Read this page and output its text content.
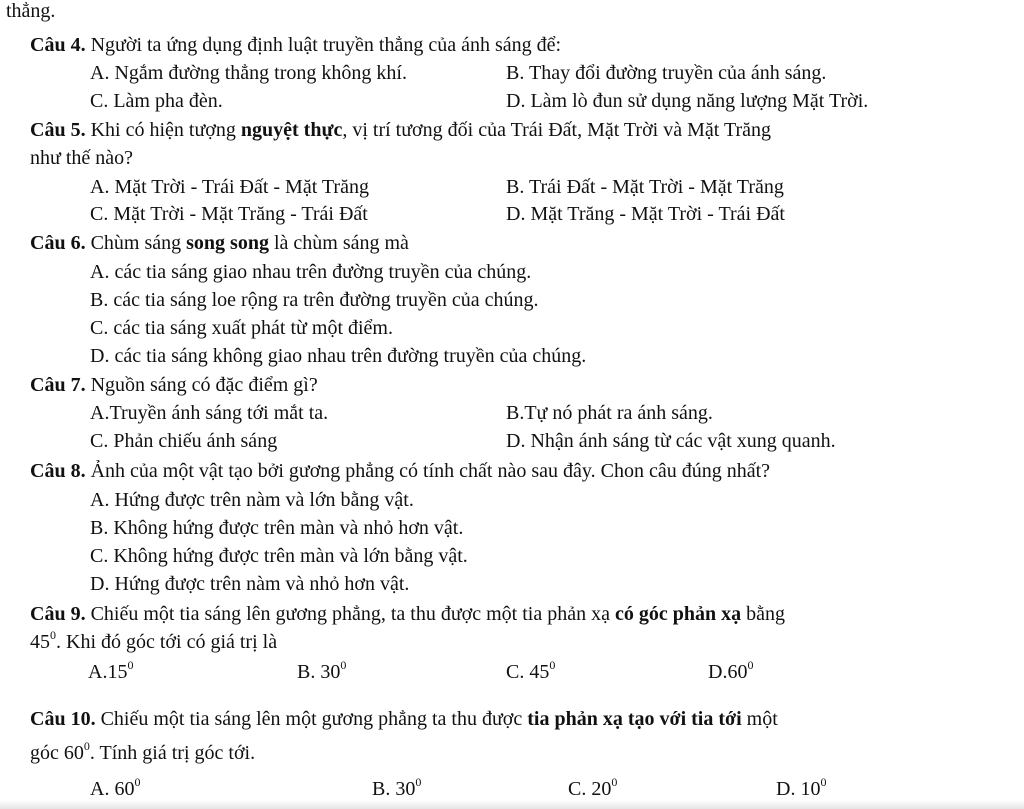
thẳng.
Câu 4. Người ta ứng dụng định luật truyền thẳng của ánh sáng để:
A. Ngắm đường thẳng trong không khí.	B. Thay đổi đường truyền của ánh sáng.
C. Làm pha đèn.	D. Làm lò đun sử dụng năng lượng Mặt Trời.
Câu 5. Khi có hiện tượng nguyệt thực, vị trí tương đối của Trái Đất, Mặt Trời và Mặt Trăng
như thế nào?
A. Mặt Trời - Trái Đất - Mặt Trăng	B. Trái Đất - Mặt Trời - Mặt Trăng
C. Mặt Trời - Mặt Trăng - Trái Đất	D. Mặt Trăng - Mặt Trời - Trái Đất
Câu 6. Chùm sáng song song là chùm sáng mà
A. các tia sáng giao nhau trên đường truyền của chúng.
B. các tia sáng loe rộng ra trên đường truyền của chúng.
C. các tia sáng xuất phát từ một điểm.
D. các tia sáng không giao nhau trên đường truyền của chúng.
Câu 7. Nguồn sáng có đặc điểm gì?
A.Truyền ánh sáng tới mắt ta.	B.Tự nó phát ra ánh sáng.
C. Phản chiếu ánh sáng	D. Nhận ánh sáng từ các vật xung quanh.
Câu 8. Ảnh của một vật tạo bởi gương phẳng có tính chất nào sau đây. Chon câu đúng nhất?
A. Hứng được trên nàm và lớn bằng vật.
B. Không hứng được trên màn và nhỏ hơn vật.
C. Không hứng được trên màn và lớn bằng vật.
D. Hứng được trên nàm và nhỏ hơn vật.
Câu 9. Chiếu một tia sáng lên gương phẳng, ta thu được một tia phản xạ có góc phản xạ bằng
$45^0$. Khi đó góc tới có giá trị là
$A.15^0$	B. $30^0$	C. $45^0$	$D.60^0$
Câu 10. Chiếu một tia sáng lên một gương phẳng ta thu được tia phản xạ tạo với tia tới một
góc $60^0$. Tính giá trị góc tới.
A. $60^0$	B. $30^0$	C. $20^0$	D. $10^0$
